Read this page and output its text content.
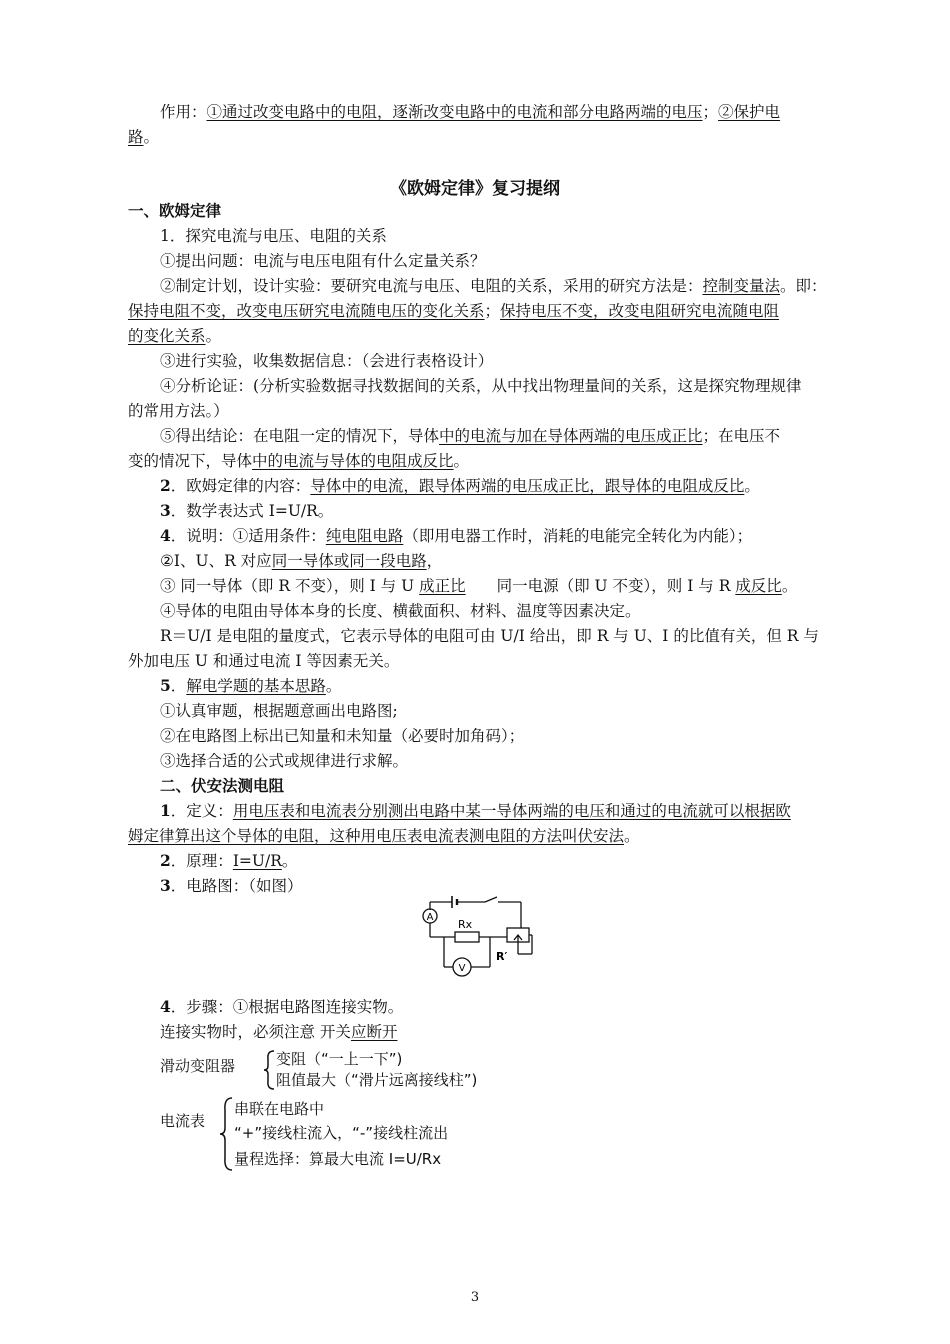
作用：①通过改变电路中的电阻，逐渐改变电路中的电流和部分电路两端的电压；②保护电
路。
《欧姆定律》复习提纲
一、欧姆定律
1．探究电流与电压、电阻的关系
①提出问题：电流与电压电阻有什么定量关系？
②制定计划，设计实验：要研究电流与电压、电阻的关系，采用的研究方法是：控制变量法。即：
保持电阻不变，改变电压研究电流随电压的变化关系；保持电压不变，改变电阻研究电流随电阻
的变化关系。
③进行实验，收集数据信息：（会进行表格设计）
④分析论证：(分析实验数据寻找数据间的关系，从中找出物理量间的关系，这是探究物理规律
的常用方法。）
⑤得出结论：在电阻一定的情况下，导体中的电流与加在导体两端的电压成正比；在电压不
变的情况下，导体中的电流与导体的电阻成反比。
2．欧姆定律的内容：导体中的电流，跟导体两端的电压成正比，跟导体的电阻成反比。
3．数学表达式 I=U/R。
4．说明：①适用条件：纯电阻电路（即用电器工作时，消耗的电能完全转化为内能）；
②I、U、R 对应同一导体或同一段电路，
③ 同一导体（即 R 不变），则 I 与 U 成正比　　同一电源（即 U 不变），则 I 与 R 成反比。
④导体的电阻由导体本身的长度、横截面积、材料、温度等因素决定。
R＝U/I 是电阻的量度式，它表示导体的电阻可由 U/I 给出，即 R 与 U、I 的比值有关，但 R 与
外加电压 U 和通过电流 I 等因素无关。
5．解电学题的基本思路。
①认真审题，根据题意画出电路图;
②在电路图上标出已知量和未知量（必要时加角码）；
③选择合适的公式或规律进行求解。
二、伏安法测电阻
1．定义：用电压表和电流表分别测出电路中某一导体两端的电压和通过的电流就可以根据欧
姆定律算出这个导体的电阻，这种用电压表电流表测电阻的方法叫伏安法。
2．原理：I=U/R。
3．电路图：（如图）
A
V
Rx
R′
4．步骤：①根据电路图连接实物。
连接实物时，必须注意 开关应断开
滑动变阻器	变阻（“一上一下”)
阻值最大（“滑片远离接线柱”)
电流表
串联在电路中
“+”接线柱流入，“-”接线柱流出
量程选择：算最大电流 I=U/Rx
3
